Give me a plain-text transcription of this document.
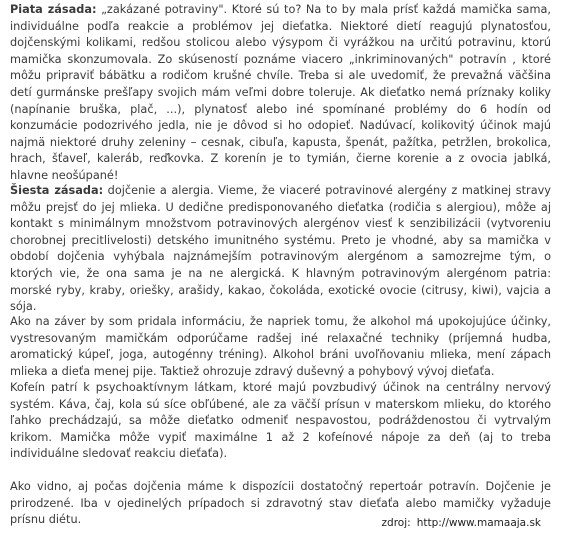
Piata zásada: „zakázané potraviny". Ktoré sú to? Na to by mala prísť každá mamička sama, individuálne podľa reakcie a problémov jej dieťatka. Niektoré dietí reagujú plynatosťou, dojčenskými kolikami, redšou stolicou alebo výsypom či vyrážkou na určitú potravinu, ktorú mamička skonzumovala. Zo skúseností poznáme viacero „inkriminovaných" potravín , ktoré môžu pripraviť bábätku a rodičom krušné chvíle. Treba si ale uvedomiť, že prevažná väčšina detí gurmánske prešľapy svojich mám veľmi dobre toleruje. Ak dieťatko nemá príznaky koliky (napínanie bruška, plač, ...), plynatosť alebo iné spomínané problémy do 6 hodín od konzumácie podozrivého jedla, nie je dôvod si ho odopieť. Nadúvací, kolikovitý účinok majú najmä niektoré druhy zeleniny – cesnak, cibuľa, kapusta, špenát, pažítka, petržlen, brokolica, hrach, šťaveľ, kaleráb, reďkovka. Z korenín je to tymián, čierne korenie a z ovocia jablká, hlavne neošúpané!

Šiesta zásada: dojčenie a alergia. Vieme, že viaceré potravinové alergény z matkinej stravy môžu prejsť do jej mlieka. U dedične predisponovaného dieťatka (rodičia s alergiou), môže aj kontakt s minimálnym množstvom potravinových alergénov viesť k senzibilizácii (vytvoreniu chorobnej precitlivelosti) detského imunitného systému. Preto je vhodné, aby sa mamička v období dojčenia vyhýbala najznámejším potravinovým alergénom a samozrejme tým, o ktorých vie, že ona sama je na ne alergická. K hlavným potravinovým alergénom patria: morské ryby, kraby, oriešky, arašidy, kakao, čokoláda, exotické ovocie (citrusy, kiwi), vajcia a sója.

Ako na záver by som pridala informáciu, že napriek tomu, že alkohol má upokojujúce účinky, vystresovaným mamičkám odporúčame radšej iné relaxačné techniky (príjemná hudba, aromatický kúpeľ, joga, autogénny tréning). Alkohol bráni uvoľňovaniu mlieka, mení zápach mlieka a dieťa menej pije. Taktiež ohrozuje zdravý duševný a pohybový vývoj dieťaťa.

Kofeín patrí k psychoaktívnym látkam, ktoré majú povzbudivý účinok na centrálny nervový systém. Káva, čaj, kola sú síce obľúbené, ale za väčší prísun v materskom mlieku, do ktorého ľahko prechádzajú, sa môže dieťatko odmeniť nespavostou, podráždenostou či vytrvalým krikom. Mamička môže vypiť maximálne 1 až 2 kofeínové nápoje za deň (aj to treba individuálne sledovať reakciu dieťaťa).

Ako vidno, aj počas dojčenia máme k dispozícii dostatočný repertoár potravín. Dojčenie je prirodzené. Iba v ojedinelých prípadoch si zdravotný stav dieťaťa alebo mamičky vyžaduje prísnu diétu.	zdroj: http://www.mamaaja.sk
